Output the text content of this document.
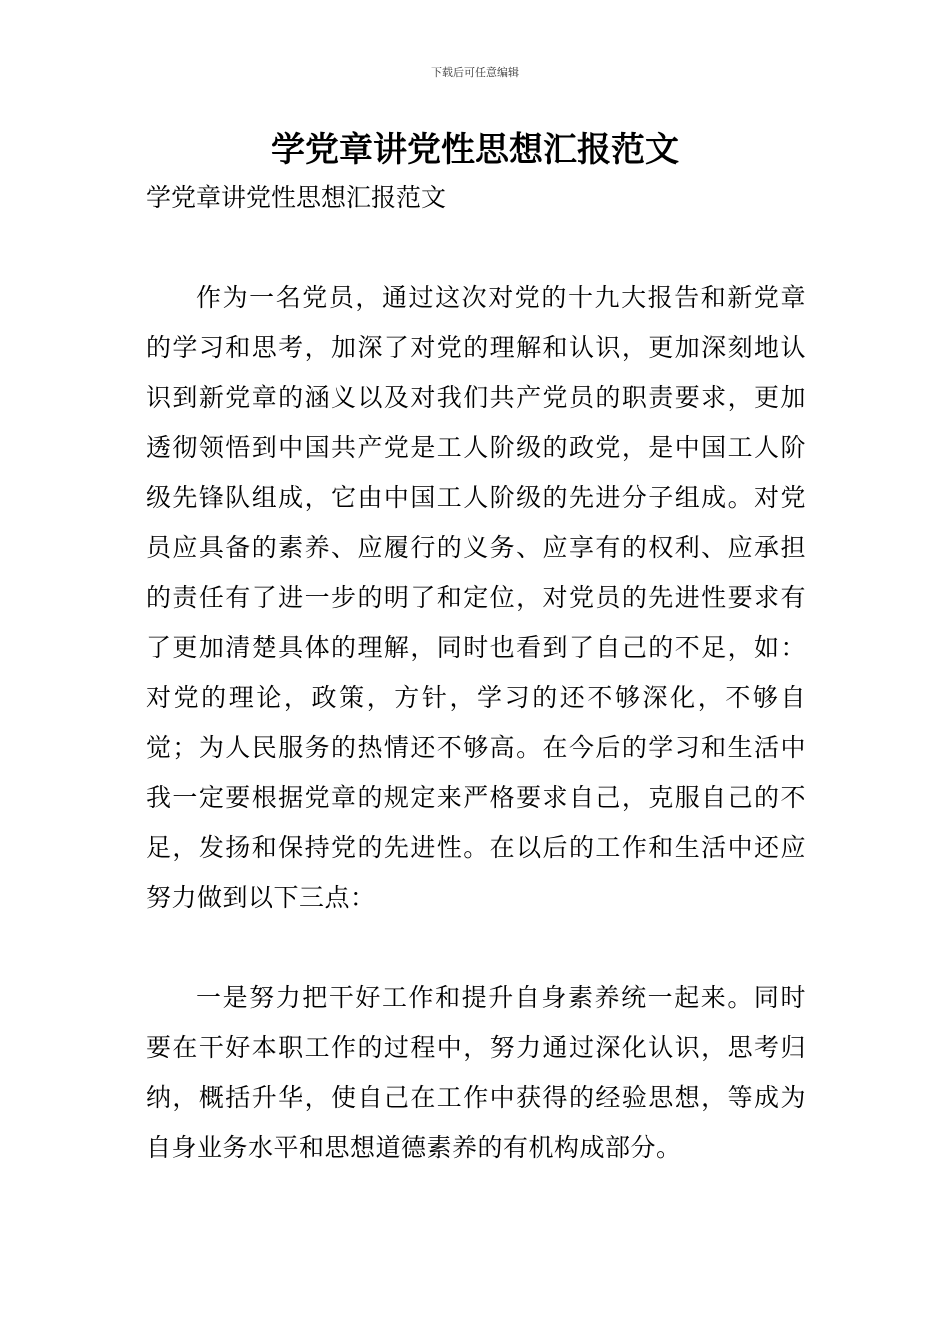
下载后可任意编辑
学党章讲党性思想汇报范文

学党章讲党性思想汇报范文

作为一名党员，通过这次对党的十九大报告和新党章的学习和思考，加深了对党的理解和认识，更加深刻地认识到新党章的涵义以及对我们共产党员的职责要求，更加透彻领悟到中国共产党是工人阶级的政党，是中国工人阶级先锋队组成，它由中国工人阶级的先进分子组成。对党员应具备的素养、应履行的义务、应享有的权利、应承担的责任有了进一步的明了和定位，对党员的先进性要求有了更加清楚具体的理解，同时也看到了自己的不足，如：对党的理论，政策，方针，学习的还不够深化，不够自觉；为人民服务的热情还不够高。在今后的学习和生活中我一定要根据党章的规定来严格要求自己，克服自己的不足，发扬和保持党的先进性。在以后的工作和生活中还应努力做到以下三点：

一是努力把干好工作和提升自身素养统一起来。同时要在干好本职工作的过程中，努力通过深化认识，思考归纳，概括升华，使自己在工作中获得的经验思想，等成为自身业务水平和思想道德素养的有机构成部分。
